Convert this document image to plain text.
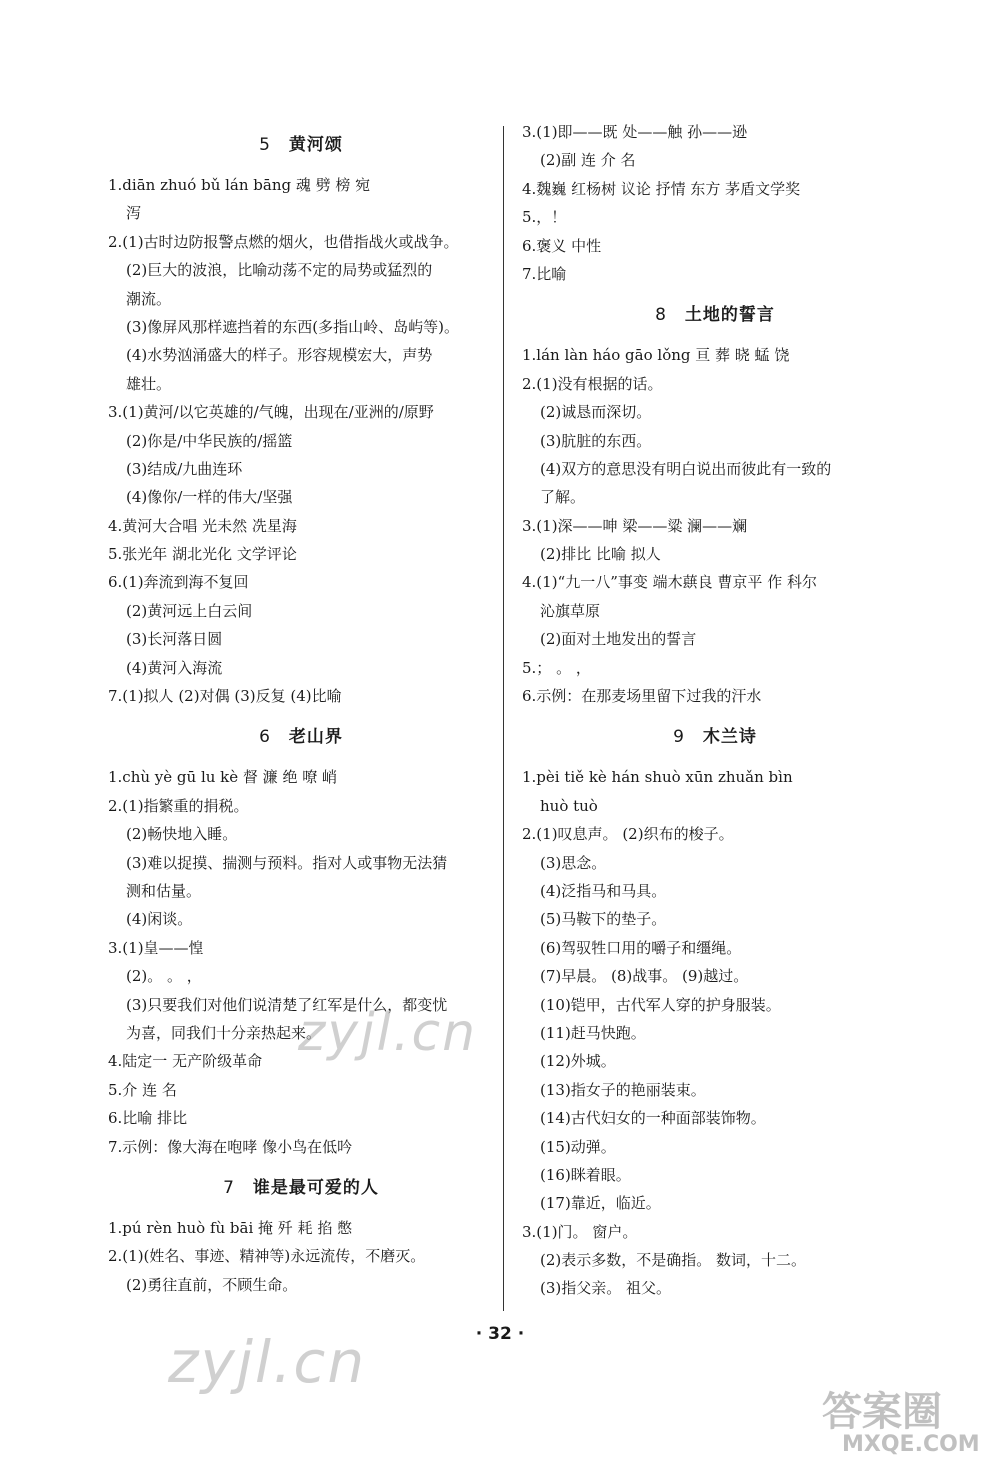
5 黄河颂
1.diān zhuó bǔ lán bāng 魂 劈 榜 宛
泻
2.(1)古时边防报警点燃的烟火，也借指战火或战争。
(2)巨大的波浪，比喻动荡不定的局势或猛烈的
潮流。
(3)像屏风那样遮挡着的东西(多指山岭、岛屿等)。
(4)水势汹涌盛大的样子。形容规模宏大，声势
雄壮。
3.(1)黄河/以它英雄的/气魄，出现在/亚洲的/原野
(2)你是/中华民族的/摇篮
(3)结成/九曲连环
(4)像你/一样的伟大/坚强
4.黄河大合唱 光未然 冼星海
5.张光年 湖北光化 文学评论
6.(1)奔流到海不复回
(2)黄河远上白云间
(3)长河落日圆
(4)黄河入海流
7.(1)拟人 (2)对偶 (3)反复 (4)比喻
6 老山界
1.chù yè gū lu kè 督 濂 绝 嘹 峭
2.(1)指繁重的捐税。
(2)畅快地入睡。
(3)难以捉摸、揣测与预料。指对人或事物无法猜
测和估量。
(4)闲谈。
3.(1)皇——惶
(2)。 。 ，
(3)只要我们对他们说清楚了红军是什么，都变忧
为喜，同我们十分亲热起来。
4.陆定一 无产阶级革命
5.介 连 名
6.比喻 排比
7.示例：像大海在咆哮 像小鸟在低吟
7 谁是最可爱的人
1.pú rèn huò fù bāi 掩 歼 耗 掐 憋
2.(1)(姓名、事迹、精神等)永远流传，不磨灭。
(2)勇往直前，不顾生命。
3.(1)即——既 处——触 孙——逊
(2)副 连 介 名
4.魏巍 红杨树 议论 抒情 东方 茅盾文学奖
5.，！
6.褒义 中性
7.比喻
8 土地的誓言
1.lán làn háo gāo lǒng 亘 葬 晓 蜢 饶
2.(1)没有根据的话。
(2)诚恳而深切。
(3)肮脏的东西。
(4)双方的意思没有明白说出而彼此有一致的
了解。
3.(1)深——呻 梁——粱 澜——斓
(2)排比 比喻 拟人
4.(1)“九一八”事变 端木蕻良 曹京平 作 科尔
沁旗草原
(2)面对土地发出的誓言
5.； 。 ，
6.示例：在那麦场里留下过我的汗水
9 木兰诗
1.pèi tiě kè hán shuò xūn zhuǎn bìn
huò tuò
2.(1)叹息声。 (2)织布的梭子。
(3)思念。
(4)泛指马和马具。
(5)马鞍下的垫子。
(6)驾驭牲口用的嚼子和缰绳。
(7)早晨。 (8)战事。 (9)越过。
(10)铠甲，古代军人穿的护身服装。
(11)赶马快跑。
(12)外城。
(13)指女子的艳丽装束。
(14)古代妇女的一种面部装饰物。
(15)动弹。
(16)眯着眼。
(17)靠近，临近。
3.(1)门。 窗户。
(2)表示多数，不是确指。 数词，十二。
(3)指父亲。 祖父。
· 32 ·
zyjl.cn
zyjl.cn
答案圈
MXQE.COM
